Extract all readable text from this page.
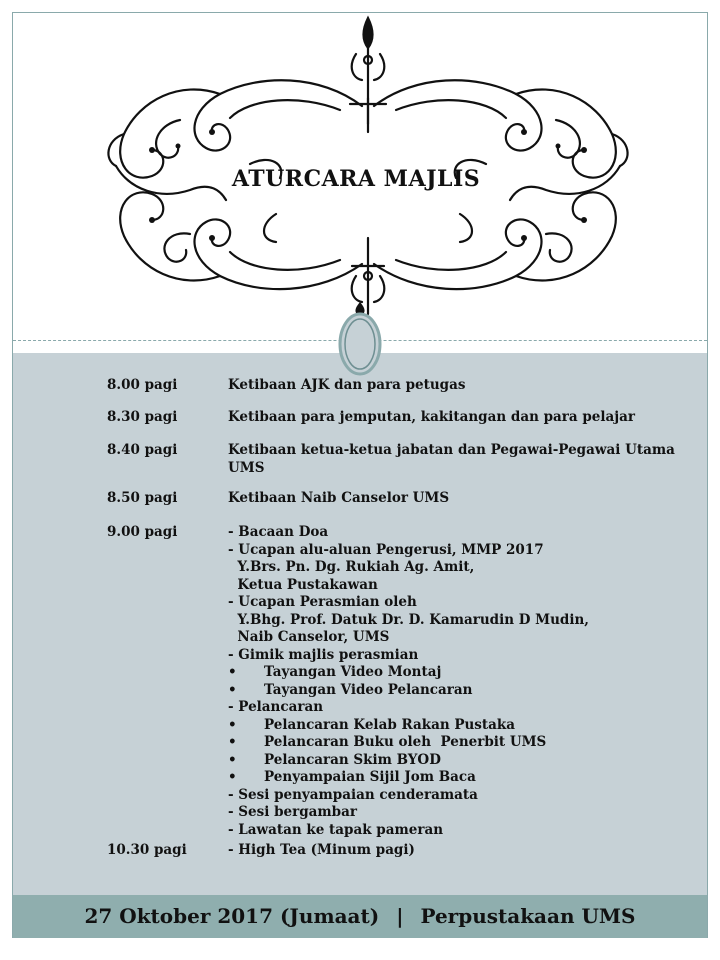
ATURCARA MAJLIS
8.00 pagi	Ketibaan AJK dan para petugas
8.30 pagi	Ketibaan para jemputan, kakitangan dan para pelajar
8.40 pagi	Ketibaan ketua-ketua jabatan dan Pegawai-Pegawai Utama
UMS
8.50 pagi	Ketibaan Naib Canselor UMS
9.00 pagi	- Bacaan Doa
- Ucapan alu-aluan Pengerusi, MMP 2017
Y.Brs. Pn. Dg. Rukiah Ag. Amit,
Ketua Pustakawan
- Ucapan Perasmian oleh
Y.Bhg. Prof. Datuk Dr. D. Kamarudin D Mudin,
Naib Canselor, UMS
- Gimik majlis perasmian
• Tayangan Video Montaj
• Tayangan Video Pelancaran
- Pelancaran
• Pelancaran Kelab Rakan Pustaka
• Pelancaran Buku oleh  Penerbit UMS
• Pelancaran Skim BYOD
• Penyampaian Sijil Jom Baca
- Sesi penyampaian cenderamata
- Sesi bergambar
- Lawatan ke tapak pameran
10.30 pagi	- High Tea (Minum pagi)
27 Oktober 2017 (Jumaat) | Perpustakaan UMS
